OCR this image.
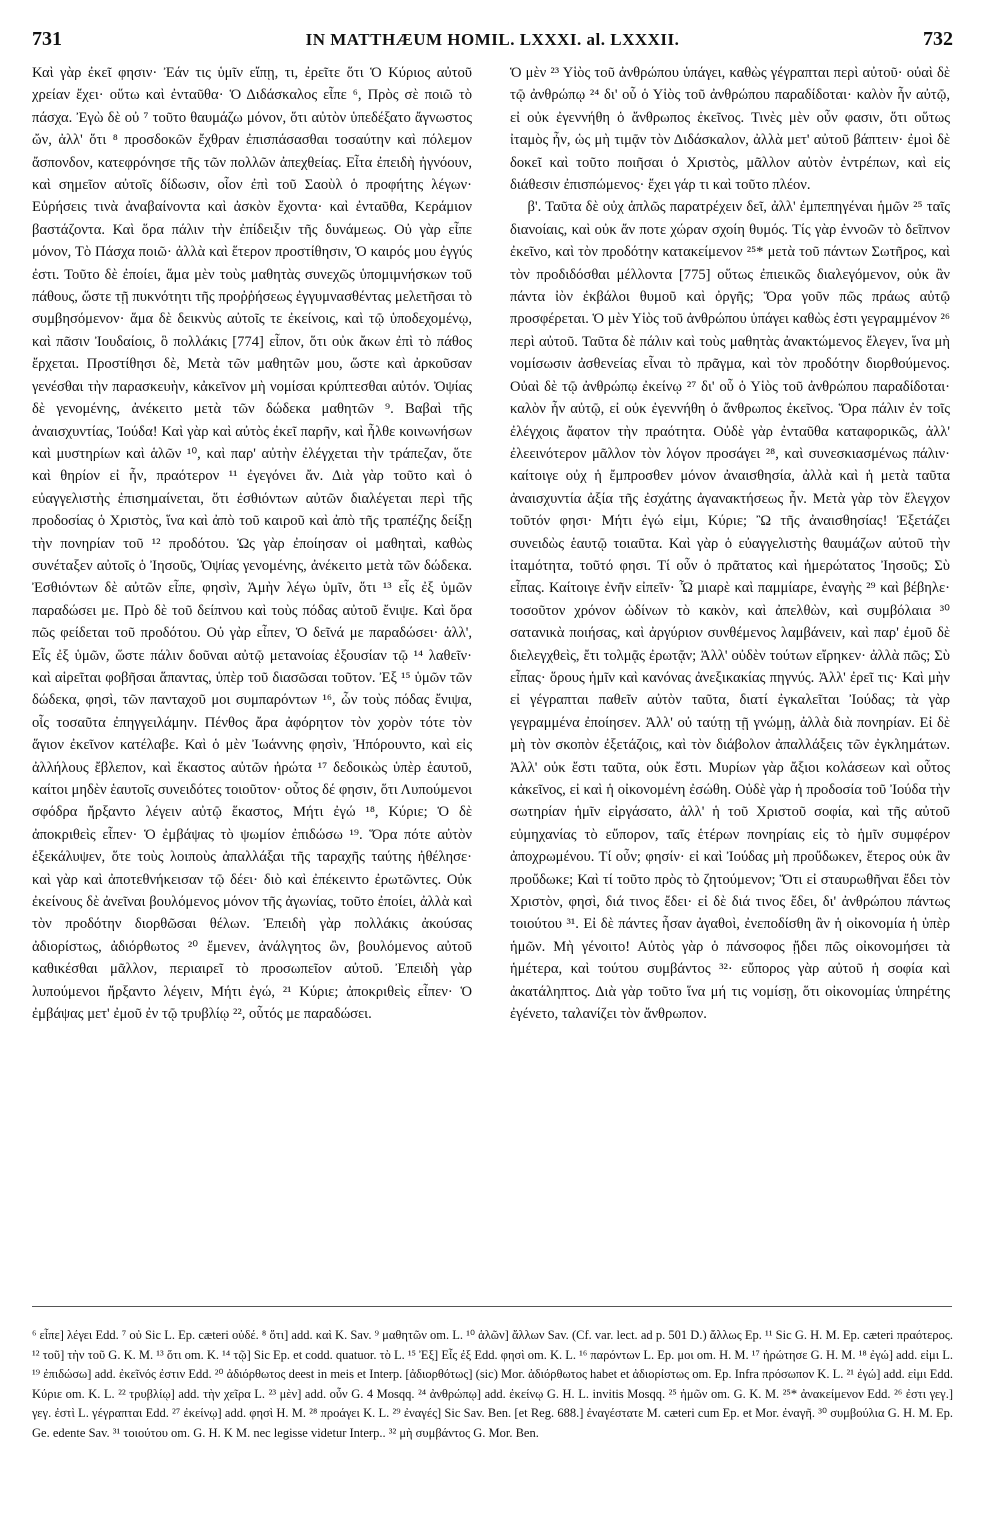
731	IN MATTHÆUM HOMIL. LXXXI. al. LXXXII.	732

Καὶ γὰρ ἐκεῖ φησιν· Ἐάν τις ὑμῖν εἴπῃ, τι, ἐρεῖτε ὅτι Ὁ Κύριος αὐτοῦ χρείαν ἔχει· οὕτω καὶ ἐνταῦθα· Ὁ Διδάσκαλος εἶπε ⁶, Πρὸς σὲ ποιῶ τὸ πάσχα. Ἐγὼ δὲ οὐ ⁷ τοῦτο θαυμάζω μόνον, ὅτι αὐτὸν ὑπεδέξατο ἄγνωστος ὤν, ἀλλ' ὅτι ⁸ προσδοκῶν ἔχθραν ἐπισπάσασθαι τοσαύτην καὶ πόλεμον ἄσπονδον, κατεφρόνησε τῆς τῶν πολλῶν ἀπεχθείας. Εἶτα ἐπειδὴ ἠγνόουν, καὶ σημεῖον αὐτοῖς δίδωσιν, οἷον ἐπὶ τοῦ Σαοὺλ ὁ προφήτης λέγων· Εὑρήσεις τινὰ ἀναβαίνοντα καὶ ἀσκὸν ἔχοντα· καὶ ἐνταῦθα, Κεράμιον βαστάζοντα. Καὶ ὅρα πάλιν τὴν ἐπίδειξιν τῆς δυνάμεως. Οὐ γὰρ εἶπε μόνον, Τὸ Πάσχα ποιῶ· ἀλλὰ καὶ ἕτερον προστίθησιν, Ὁ καιρός μου ἐγγύς ἐστι. Τοῦτο δὲ ἐποίει, ἅμα μὲν τοὺς μαθητὰς συνεχῶς ὑπομιμνήσκων τοῦ πάθους, ὥστε τῇ πυκνότητι τῆς προῤῥήσεως ἐγγυμνασθέντας μελετῆσαι τὸ συμβησόμενον· ἅμα δὲ δεικνὺς αὐτοῖς τε ἐκείνοις, καὶ τῷ ὑποδεχομένῳ, καὶ πᾶσιν Ἰουδαίοις, ὃ πολλάκις [774] εἶπον, ὅτι οὐκ ἄκων ἐπὶ τὸ πάθος ἔρχεται. Προστίθησι δὲ, Μετὰ τῶν μαθητῶν μου, ὥστε καὶ ἀρκοῦσαν γενέσθαι τὴν παρασκευὴν, κἀκεῖνον μὴ νομίσαι κρύπτεσθαι αὐτόν. Ὀψίας δὲ γενομένης, ἀνέκειτο μετὰ τῶν δώδεκα μαθητῶν ⁹. Βαβαὶ τῆς ἀναισχυντίας, Ἰούδα! Καὶ γὰρ καὶ αὐτὸς ἐκεῖ παρῆν, καὶ ἦλθε κοινωνήσων καὶ μυστηρίων καὶ ἁλῶν ¹⁰, καὶ παρ' αὐτὴν ἐλέγχεται τὴν τράπεζαν, ὅτε καὶ θηρίον εἰ ἦν, πραότερον ¹¹ ἐγεγόνει ἄν. Διὰ γὰρ τοῦτο καὶ ὁ εὐαγγελιστὴς ἐπισημαίνεται, ὅτι ἐσθιόντων αὐτῶν διαλέγεται περὶ τῆς προδοσίας ὁ Χριστὸς, ἵνα καὶ ἀπὸ τοῦ καιροῦ καὶ ἀπὸ τῆς τραπέζης δείξῃ τὴν πονηρίαν τοῦ ¹² προδότου. Ὡς γὰρ ἐποίησαν οἱ μαθηταὶ, καθὼς συνέταξεν αὐτοῖς ὁ Ἰησοῦς, Ὀψίας γενομένης, ἀνέκειτο μετὰ τῶν δώδεκα. Ἐσθιόντων δὲ αὐτῶν εἶπε, φησὶν, Ἀμὴν λέγω ὑμῖν, ὅτι ¹³ εἷς ἐξ ὑμῶν παραδώσει με. Πρὸ δὲ τοῦ δείπνου καὶ τοὺς πόδας αὐτοῦ ἔνιψε. Καὶ ὅρα πῶς φείδεται τοῦ προδότου. Οὐ γὰρ εἶπεν, Ὁ δεῖνά με παραδώσει· ἀλλ', Εἷς ἐξ ὑμῶν, ὥστε πάλιν δοῦναι αὐτῷ μετανοίας ἐξουσίαν τῷ ¹⁴ λαθεῖν· καὶ αἱρεῖται φοβῆσαι ἅπαντας, ὑπὲρ τοῦ διασῶσαι τοῦτον. Ἐξ ¹⁵ ὑμῶν τῶν δώδεκα, φησὶ, τῶν πανταχοῦ μοι συμπαρόντων ¹⁶, ὧν τοὺς πόδας ἔνιψα, οἷς τοσαῦτα ἐπηγγειλάμην. Πένθος ἄρα ἀφόρητον τὸν χορὸν τότε τὸν ἅγιον ἐκεῖνον κατέλαβε. Καὶ ὁ μὲν Ἰωάννης φησὶν, Ἠπόρουντο, καὶ εἰς ἀλλήλους ἔβλεπον, καὶ ἕκαστος αὐτῶν ἠρώτα ¹⁷ δεδοικὼς ὑπὲρ ἑαυτοῦ, καίτοι μηδὲν ἑαυτοῖς συνειδότες τοιοῦτον· οὗτος δέ φησιν, ὅτι Λυπούμενοι σφόδρα ἤρξαντο λέγειν αὐτῷ ἕκαστος, Μήτι ἐγώ ¹⁸, Κύριε; Ὁ δὲ ἀποκριθεὶς εἶπεν· Ὁ ἐμβάψας τὸ ψωμίον ἐπιδώσω ¹⁹. Ὅρα πότε αὐτὸν ἐξεκάλυψεν, ὅτε τοὺς λοιποὺς ἀπαλλάξαι τῆς ταραχῆς ταύτης ἠθέλησε· καὶ γὰρ καὶ ἀποτεθνήκεισαν τῷ δέει· διὸ καὶ ἐπέκειντο ἐρωτῶντες. Οὐκ ἐκείνους δὲ ἀνεῖναι βουλόμενος μόνον τῆς ἀγωνίας, τοῦτο ἐποίει, ἀλλὰ καὶ τὸν προδότην διορθῶσαι θέλων. Ἐπειδὴ γὰρ πολλάκις ἀκούσας ἀδιορίστως, ἀδιόρθωτος ²⁰ ἔμενεν, ἀνάλγητος ὢν, βουλόμενος αὐτοῦ καθικέσθαι μᾶλλον, περιαιρεῖ τὸ προσωπεῖον αὐτοῦ. Ἐπειδὴ γὰρ λυπούμενοι ἤρξαντο λέγειν, Μήτι ἐγώ, ²¹ Κύριε; ἀποκριθεὶς εἶπεν· Ὁ ἐμβάψας μετ' ἐμοῦ ἐν τῷ τρυβλίῳ ²², οὗτός με παραδώσει.

Ὁ μὲν ²³ Υἱὸς τοῦ ἀνθρώπου ὑπάγει, καθὼς γέγραπται περὶ αὐτοῦ· οὐαὶ δὲ τῷ ἀνθρώπῳ ²⁴ δι' οὗ ὁ Υἱὸς τοῦ ἀνθρώπου παραδίδοται· καλὸν ἦν αὐτῷ, εἰ οὐκ ἐγεννήθη ὁ ἄνθρωπος ἐκεῖνος. Τινὲς μὲν οὖν φασιν, ὅτι οὕτως ἰταμὸς ἦν, ὡς μὴ τιμᾷν τὸν Διδάσκαλον, ἀλλὰ μετ' αὐτοῦ βάπτειν· ἐμοὶ δὲ δοκεῖ καὶ τοῦτο ποιῆσαι ὁ Χριστὸς, μᾶλλον αὐτὸν ἐντρέπων, καὶ εἰς διάθεσιν ἐπισπώμενος· ἔχει γάρ τι καὶ τοῦτο πλέον.

β'. Ταῦτα δὲ οὐχ ἁπλῶς παρατρέχειν δεῖ, ἀλλ' ἐμπεπηγέναι ἡμῶν ²⁵ ταῖς διανοίαις, καὶ οὐκ ἄν ποτε χώραν σχοίη θυμός. Τίς γὰρ ἐννοῶν τὸ δεῖπνον ἐκεῖνο, καὶ τὸν προδότην κατακείμενον ²⁵* μετὰ τοῦ πάντων Σωτῆρος, καὶ τὸν προδιδόσθαι μέλλοντα [775] οὕτως ἐπιεικῶς διαλεγόμενον, οὐκ ἂν πάντα ἰὸν ἐκβάλοι θυμοῦ καὶ ὀργῆς; Ὅρα γοῦν πῶς πράως αὐτῷ προσφέρεται. Ὁ μὲν Υἱὸς τοῦ ἀνθρώπου ὑπάγει καθὼς ἐστι γεγραμμένον ²⁶ περὶ αὐτοῦ. Ταῦτα δὲ πάλιν καὶ τοὺς μαθητὰς ἀνακτώμενος ἔλεγεν, ἵνα μὴ νομίσωσιν ἀσθενείας εἶναι τὸ πρᾶγμα, καὶ τὸν προδότην διορθούμενος. Οὐαὶ δὲ τῷ ἀνθρώπῳ ἐκείνῳ ²⁷ δι' οὗ ὁ Υἱὸς τοῦ ἀνθρώπου παραδίδοται· καλὸν ἦν αὐτῷ, εἰ οὐκ ἐγεννήθη ὁ ἄνθρωπος ἐκεῖνος. Ὅρα πάλιν ἐν τοῖς ἐλέγχοις ἄφατον τὴν πραότητα. Οὐδὲ γὰρ ἐνταῦθα καταφορικῶς, ἀλλ' ἐλεεινότερον μᾶλλον τὸν λόγον προσάγει ²⁸, καὶ συνεσκιασμένως πάλιν· καίτοιγε οὐχ ἡ ἔμπροσθεν μόνον ἀναισθησία, ἀλλὰ καὶ ἡ μετὰ ταῦτα ἀναισχυντία ἀξία τῆς ἐσχάτης ἀγανακτήσεως ἦν. Μετὰ γὰρ τὸν ἔλεγχον τοῦτόν φησι· Μήτι ἐγώ εἰμι, Κύριε; Ὢ τῆς ἀναισθησίας! Ἐξετάζει συνειδὼς ἑαυτῷ τοιαῦτα. Καὶ γὰρ ὁ εὐαγγελιστὴς θαυμάζων αὐτοῦ τὴν ἰταμότητα, τοῦτό φησι. Τί οὖν ὁ πρᾶτατος καὶ ἡμερώτατος Ἰησοῦς; Σὺ εἶπας. Καίτοιγε ἐνῆν εἰπεῖν· Ὦ μιαρὲ καὶ παμμίαρε, ἐναγὴς ²⁹ καὶ βέβηλε· τοσοῦτον χρόνον ὠδίνων τὸ κακὸν, καὶ ἀπελθὼν, καὶ συμβόλαια ³⁰ σατανικὰ ποιήσας, καὶ ἀργύριον συνθέμενος λαμβάνειν, καὶ παρ' ἐμοῦ δὲ διελεγχθεὶς, ἔτι τολμᾷς ἐρωτᾷν; Ἀλλ' οὐδὲν τούτων εἴρηκεν· ἀλλὰ πῶς; Σὺ εἶπας· ὅρους ἡμῖν καὶ κανόνας ἀνεξικακίας πηγνύς. Ἀλλ' ἐρεῖ τις· Καὶ μὴν εἰ γέγραπται παθεῖν αὐτὸν ταῦτα, διατί ἐγκαλεῖται Ἰούδας; τὰ γὰρ γεγραμμένα ἐποίησεν. Ἀλλ' οὐ ταύτῃ τῇ γνώμῃ, ἀλλὰ διὰ πονηρίαν. Εἰ δὲ μὴ τὸν σκοπὸν ἐξετάζοις, καὶ τὸν διάβολον ἀπαλλάξεις τῶν ἐγκλημάτων. Ἀλλ' οὐκ ἔστι ταῦτα, οὐκ ἔστι. Μυρίων γὰρ ἄξιοι κολάσεων καὶ οὗτος κἀκεῖνος, εἰ καὶ ἡ οἰκονομένη ἐσώθη. Οὐδὲ γὰρ ἡ προδοσία τοῦ Ἰούδα τὴν σωτηρίαν ἡμῖν εἰργάσατο, ἀλλ' ἡ τοῦ Χριστοῦ σοφία, καὶ τῆς αὐτοῦ εὐμηχανίας τὸ εὔπορον, ταῖς ἑτέρων πονηρίαις εἰς τὸ ἡμῖν συμφέρον ἀποχρωμένου. Τί οὖν; φησίν· εἰ καὶ Ἰούδας μὴ προὔδωκεν, ἕτερος οὐκ ἂν προὔδωκε; Καὶ τί τοῦτο πρὸς τὸ ζητούμενον; Ὅτι εἰ σταυρωθῆναι ἔδει τὸν Χριστὸν, φησὶ, διά τινος ἔδει· εἰ δὲ διά τινος ἔδει, δι' ἀνθρώπου πάντως τοιούτου ³¹. Εἰ δὲ πάντες ἦσαν ἀγαθοὶ, ἐνεποδίσθη ἂν ἡ οἰκονομία ἡ ὑπὲρ ἡμῶν. Μὴ γένοιτο! Αὐτὸς γὰρ ὁ πάνσοφος ᾔδει πῶς οἰκονομήσει τὰ ἡμέτερα, καὶ τούτου συμβάντος ³²· εὔπορος γὰρ αὐτοῦ ἡ σοφία καὶ ἀκατάληπτος. Διὰ γὰρ τοῦτο ἵνα μή τις νομίσῃ, ὅτι οἰκονομίας ὑπηρέτης ἐγένετο, ταλανίζει τὸν ἄνθρωπον.

⁶ εἶπε] λέγει Edd. ⁷ οὐ Sic L. Ep. cæteri οὐδέ. ⁸ ὅτι] add. καὶ K. Sav. ⁹ μαθητῶν om. L. ¹⁰ ἁλῶν] ἄλλων Sav. (Cf. var. lect. ad p. 501 D.) ἄλλως Ep. ¹¹ Sic G. H. M. Ep. cæteri πραότερος. ¹² τοῦ] τὴν τοῦ G. K. M. ¹³ ὅτι om. K. ¹⁴ τῷ] Sic Ep. et codd. quatuor. τὸ L. ¹⁵ Ἐξ] Εἷς ἐξ Edd. φησὶ om. K. L. ¹⁶ παρόντων L. Ep. μοι om. H. M. ¹⁷ ἠρώτησε G. H. M. ¹⁸ ἐγώ] add. εἰμι L. ¹⁹ ἐπιδώσω] add. ἐκεῖνός ἐστιν Edd. ²⁰ ἀδιόρθωτος deest in meis et Interp. [ἀδιορθότως] (sic) Mor. ἀδιόρθωτος habet et ἀδιορίστως om. Ep. Infra πρόσωπον K. L. ²¹ ἐγώ] add. εἰμι Edd. Κύριε om. K. L. ²² τρυβλίῳ] add. τὴν χεῖρα L. ²³ μὲν] add. οὖν G. 4 Mosqq. ²⁴ ἀνθρώπῳ] add. ἐκείνῳ G. H. L. invitis Mosqq. ²⁵ ἡμῶν om. G. K. M. ²⁵* ἀνακείμενον Edd. ²⁶ ἐστι γεγ.] γεγ. ἐστὶ L. γέγραπται Edd. ²⁷ ἐκείνῳ] add. φησὶ H. M. ²⁸ προάγει K. L. ²⁹ ἐναγές] Sic Sav. Ben. [et Reg. 688.] ἐναγέστατε M. cæteri cum Ep. et Mor. ἐναγῆ. ³⁰ συμβούλια G. H. M. Ep. Ge. edente Sav. ³¹ τοιούτου om. G. H. K M. nec legisse videtur Interp.. ³² μὴ συμβάντος G. Mor. Ben.
